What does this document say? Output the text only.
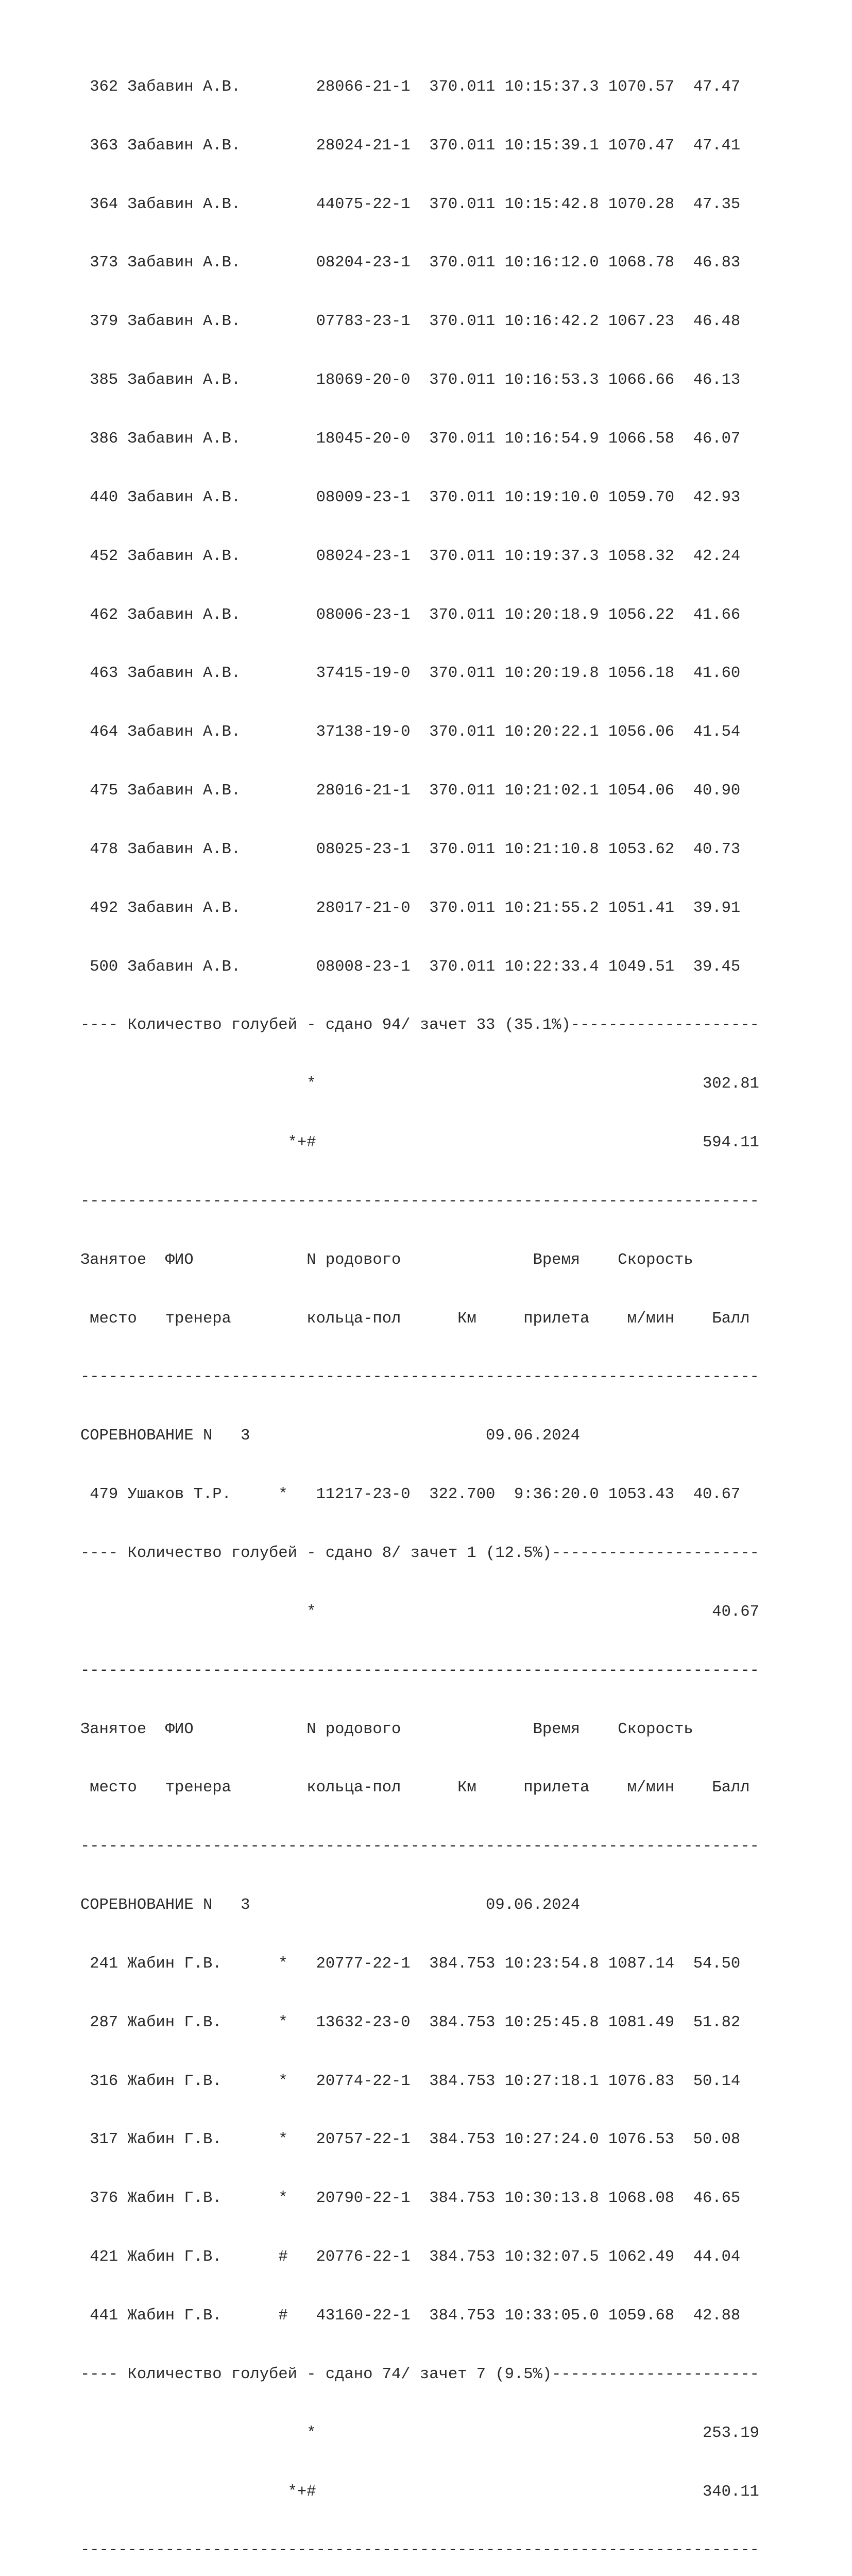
362 Забавин А.В.        28066-21-1  370.011 10:15:37.3 1070.57  47.47

363 Забавин А.В.        28024-21-1  370.011 10:15:39.1 1070.47  47.41

364 Забавин А.В.        44075-22-1  370.011 10:15:42.8 1070.28  47.35

373 Забавин А.В.        08204-23-1  370.011 10:16:12.0 1068.78  46.83

379 Забавин А.В.        07783-23-1  370.011 10:16:42.2 1067.23  46.48

385 Забавин А.В.        18069-20-0  370.011 10:16:53.3 1066.66  46.13

386 Забавин А.В.        18045-20-0  370.011 10:16:54.9 1066.58  46.07

440 Забавин А.В.        08009-23-1  370.011 10:19:10.0 1059.70  42.93

452 Забавин А.В.        08024-23-1  370.011 10:19:37.3 1058.32  42.24

462 Забавин А.В.        08006-23-1  370.011 10:20:18.9 1056.22  41.66

463 Забавин А.В.        37415-19-0  370.011 10:20:19.8 1056.18  41.60

464 Забавин А.В.        37138-19-0  370.011 10:20:22.1 1056.06  41.54

475 Забавин А.В.        28016-21-1  370.011 10:21:02.1 1054.06  40.90

478 Забавин А.В.        08025-23-1  370.011 10:21:10.8 1053.62  40.73

492 Забавин А.В.        28017-21-0  370.011 10:21:55.2 1051.41  39.91

500 Забавин А.В.        08008-23-1  370.011 10:22:33.4 1049.51  39.45

---- Количество голубей - сдано 94/ зачет 33 (35.1%)--------------------

*                                         302.81

*+#                                         594.11

------------------------------------------------------------------------

Занятое  ФИО            N родового              Время    Скорость

место   тренера        кольца-пол      Км     прилета    м/мин    Балл

------------------------------------------------------------------------

СОРЕВНОВАНИЕ N   3                         09.06.2024

479 Ушаков Т.Р.     *   11217-23-0  322.700  9:36:20.0 1053.43  40.67

---- Количество голубей - сдано 8/ зачет 1 (12.5%)----------------------

*                                          40.67

------------------------------------------------------------------------

Занятое  ФИО            N родового              Время    Скорость

место   тренера        кольца-пол      Км     прилета    м/мин    Балл

------------------------------------------------------------------------

СОРЕВНОВАНИЕ N   3                         09.06.2024

241 Жабин Г.В.      *   20777-22-1  384.753 10:23:54.8 1087.14  54.50

287 Жабин Г.В.      *   13632-23-0  384.753 10:25:45.8 1081.49  51.82

316 Жабин Г.В.      *   20774-22-1  384.753 10:27:18.1 1076.83  50.14

317 Жабин Г.В.      *   20757-22-1  384.753 10:27:24.0 1076.53  50.08

376 Жабин Г.В.      *   20790-22-1  384.753 10:30:13.8 1068.08  46.65

421 Жабин Г.В.      #   20776-22-1  384.753 10:32:07.5 1062.49  44.04

441 Жабин Г.В.      #   43160-22-1  384.753 10:33:05.0 1059.68  42.88

---- Количество голубей - сдано 74/ зачет 7 (9.5%)----------------------

*                                         253.19

*+#                                         340.11

------------------------------------------------------------------------
